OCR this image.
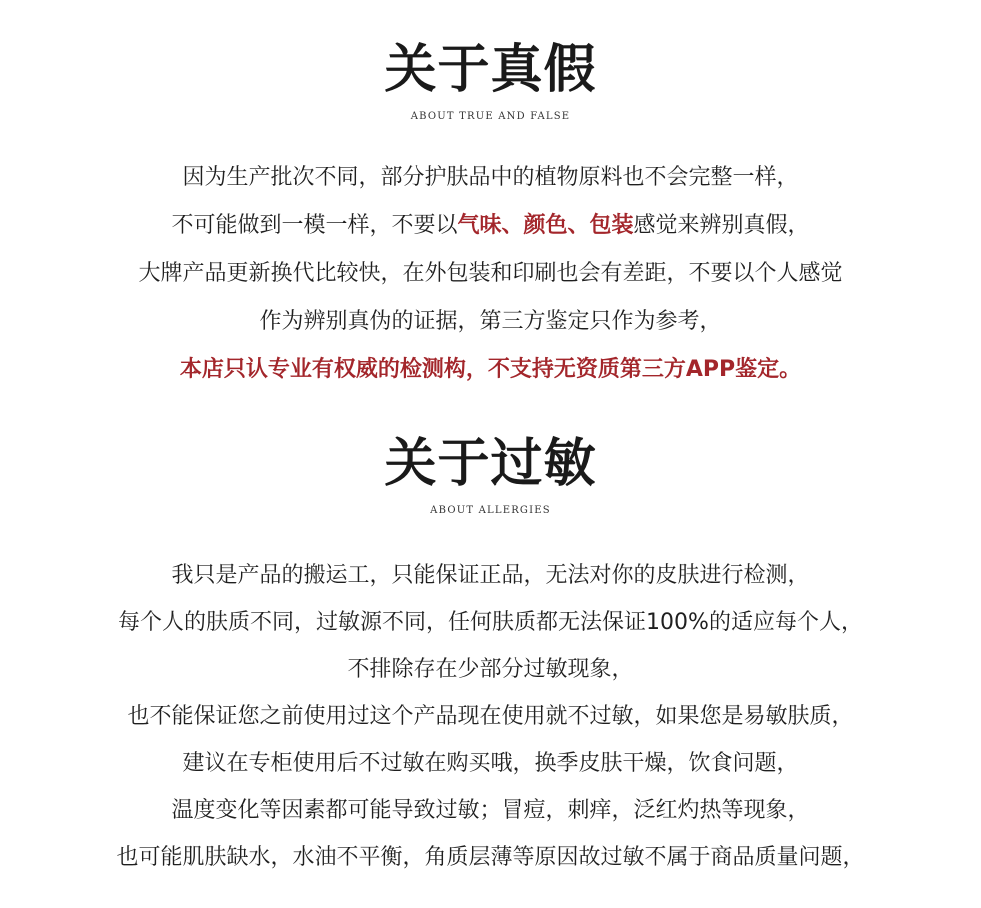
关于真假
ABOUT TRUE AND FALSE
因为生产批次不同，部分护肤品中的植物原料也不会完整一样，
不可能做到一模一样，不要以气味、颜色、包装感觉来辨别真假，
大牌产品更新换代比较快，在外包装和印刷也会有差距，不要以个人感觉
作为辨别真伪的证据，第三方鉴定只作为参考，
本店只认专业有权威的检测构，不支持无资质第三方APP鉴定。
关于过敏
ABOUT ALLERGIES
我只是产品的搬运工，只能保证正品，无法对你的皮肤进行检测，
每个人的肤质不同，过敏源不同，任何肤质都无法保证100%的适应每个人，
不排除存在少部分过敏现象，
也不能保证您之前使用过这个产品现在使用就不过敏，如果您是易敏肤质，
建议在专柜使用后不过敏在购买哦，换季皮肤干燥，饮食问题，
温度变化等因素都可能导致过敏；冒痘，刺痒，泛红灼热等现象，
也可能肌肤缺水，水油不平衡，角质层薄等原因故过敏不属于商品质量问题，
